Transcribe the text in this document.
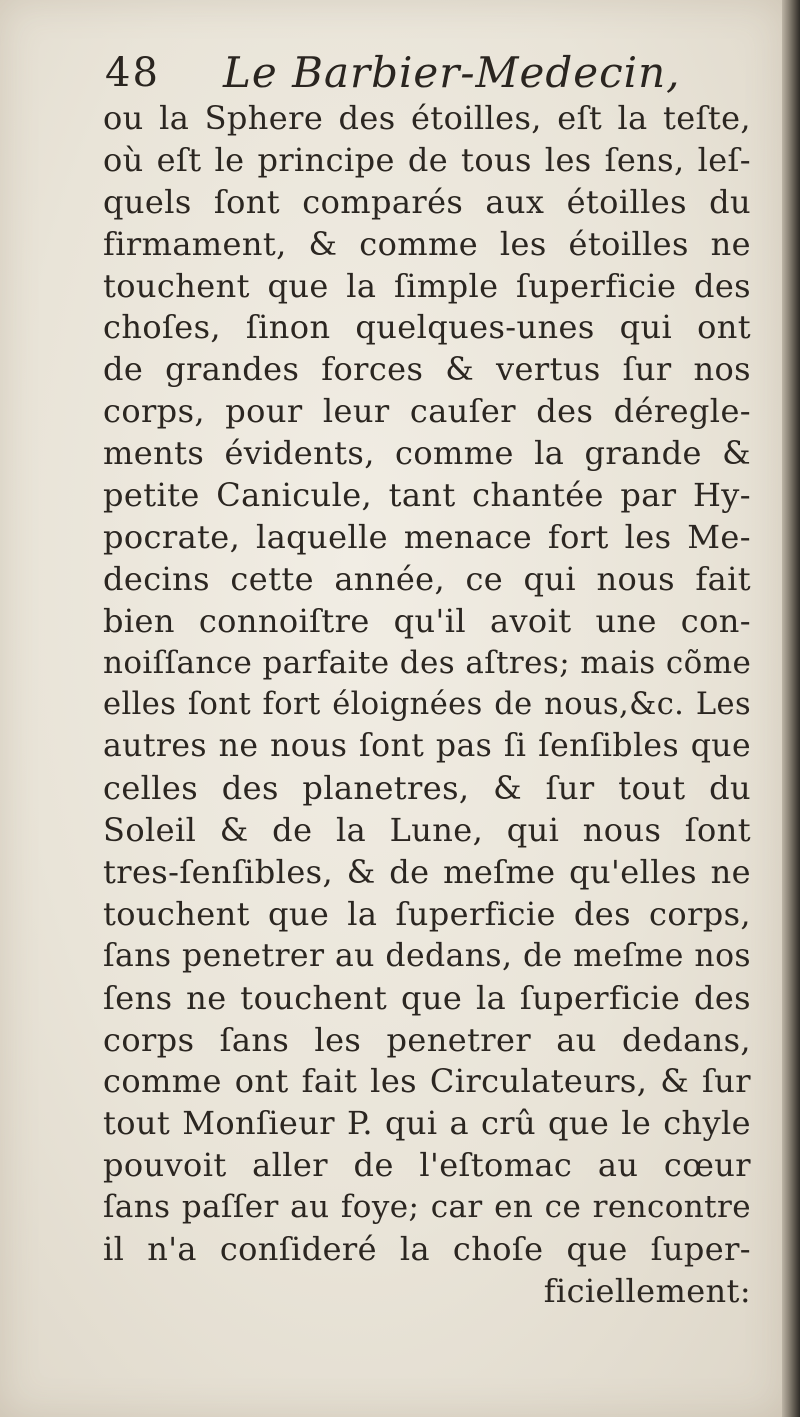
48 Le Barbier-Medecin,
ou la Sphere des étoilles, eſt la teſte,
où eſt le principe de tous les ſens, leſ-
quels ſont comparés aux étoilles du
firmament, & comme les étoilles ne
touchent que la ſimple ſuperficie des
choſes, ſinon quelques-unes qui ont
de grandes forces & vertus ſur nos
corps, pour leur cauſer des déregle-
ments évidents, comme la grande &
petite Canicule, tant chantée par Hy-
pocrate, laquelle menace fort les Me-
decins cette année, ce qui nous fait
bien connoiſtre qu'il avoit une con-
noiſſance parfaite des aſtres; mais cõme
elles ſont fort éloignées de nous,&c. Les
autres ne nous ſont pas ſi ſenſibles que
celles des planetres, & ſur tout du
Soleil & de la Lune, qui nous ſont
tres-ſenſibles, & de meſme qu'elles ne
touchent que la ſuperficie des corps,
ſans penetrer au dedans, de meſme nos
ſens ne touchent que la ſuperficie des
corps ſans les penetrer au dedans,
comme ont fait les Circulateurs, & ſur
tout Monſieur P. qui a crû que le chyle
pouvoit aller de l'eſtomac au cœur
ſans paſſer au foye; car en ce rencontre
il n'a conſideré la choſe que ſuper-
ficiellement:
